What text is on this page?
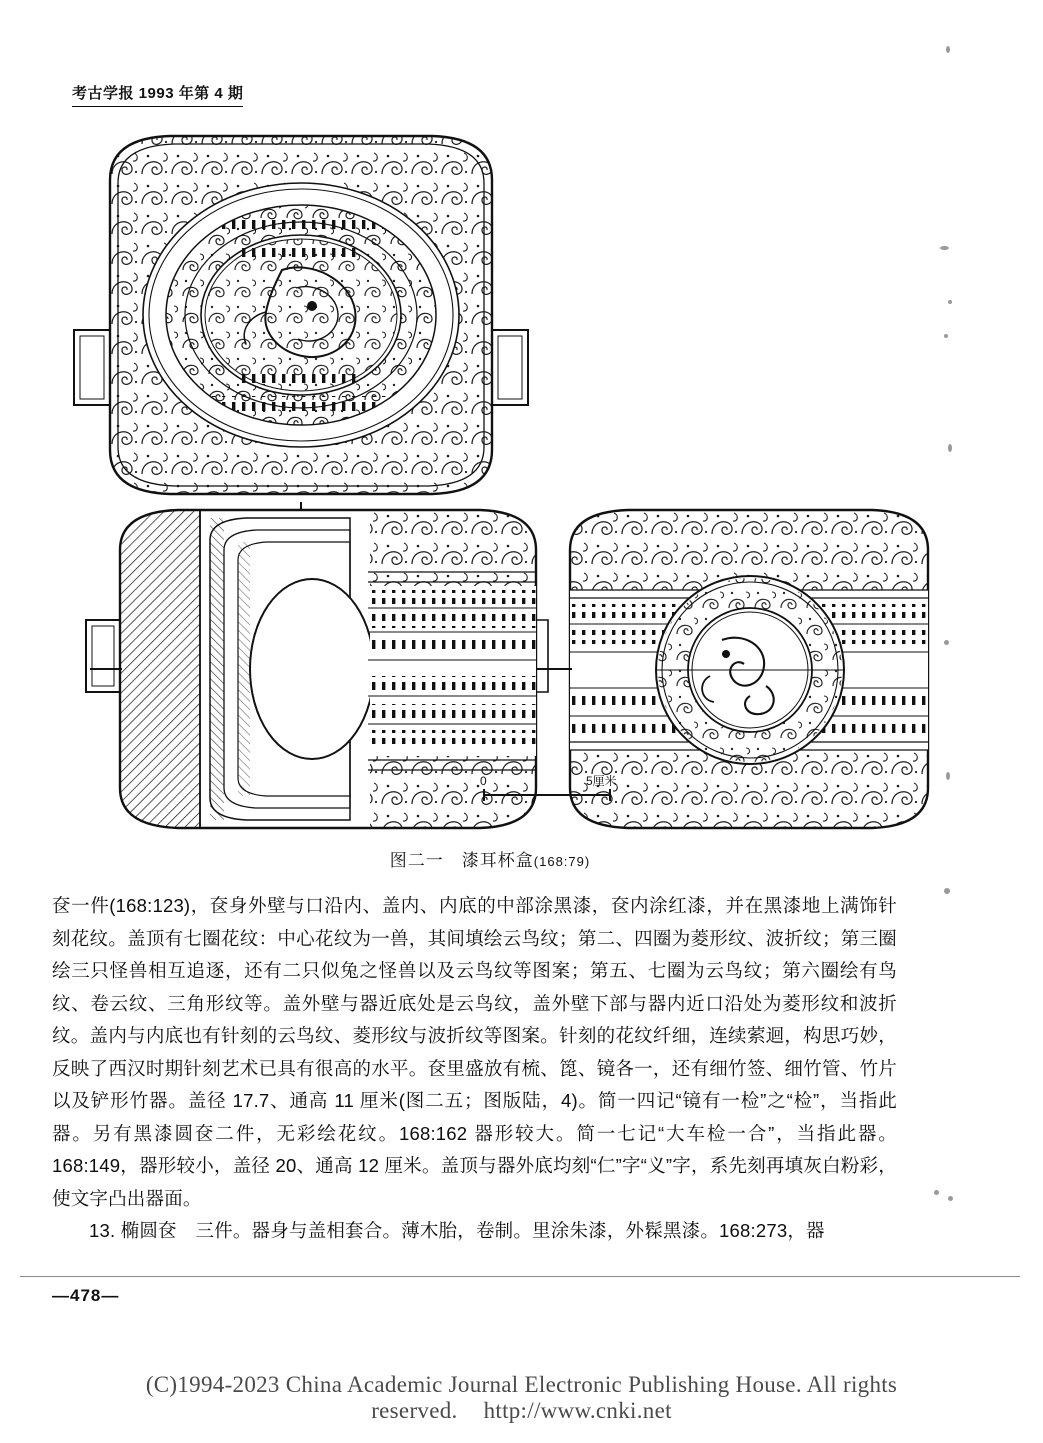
考古学报 1993 年第 4 期
0	5厘米
图二一 漆耳杯盒(168:79)

奁一件(168:123)，奁身外壁与口沿内、盖内、内底的中部涂黑漆，奁内涂红漆，并在黑漆地上满饰针刻花纹。盖顶有七圈花纹：中心花纹为一兽，其间填绘云鸟纹；第二、四圈为菱形纹、波折纹；第三圈绘三只怪兽相互追逐，还有二只似兔之怪兽以及云鸟纹等图案；第五、七圈为云鸟纹；第六圈绘有鸟纹、卷云纹、三角形纹等。盖外壁与器近底处是云鸟纹，盖外壁下部与器内近口沿处为菱形纹和波折纹。盖内与内底也有针刻的云鸟纹、菱形纹与波折纹等图案。针刻的花纹纤细，连续萦迴，构思巧妙，反映了西汉时期针刻艺术已具有很高的水平。奁里盛放有梳、箆、镜各一，还有细竹签、细竹管、竹片以及铲形竹器。盖径 17.7、通高 11 厘米(图二五；图版陆，4)。简一四记“镜有一检”之“检”，当指此器。另有黑漆圆奁二件，无彩绘花纹。168:162 器形较大。简一七记“大车检一合”，当指此器。168:149，器形较小，盖径 20、通高 12 厘米。盖顶与器外底均刻“仁”字“义”字，系先刻再填灰白粉彩，使文字凸出器面。

13. 椭圆奁　三件。器身与盖相套合。薄木胎，卷制。里涂朱漆，外髹黑漆。168:273，器

—478—
(C)1994-2023 China Academic Journal Electronic Publishing House. All rights reserved. http://www.cnki.net
